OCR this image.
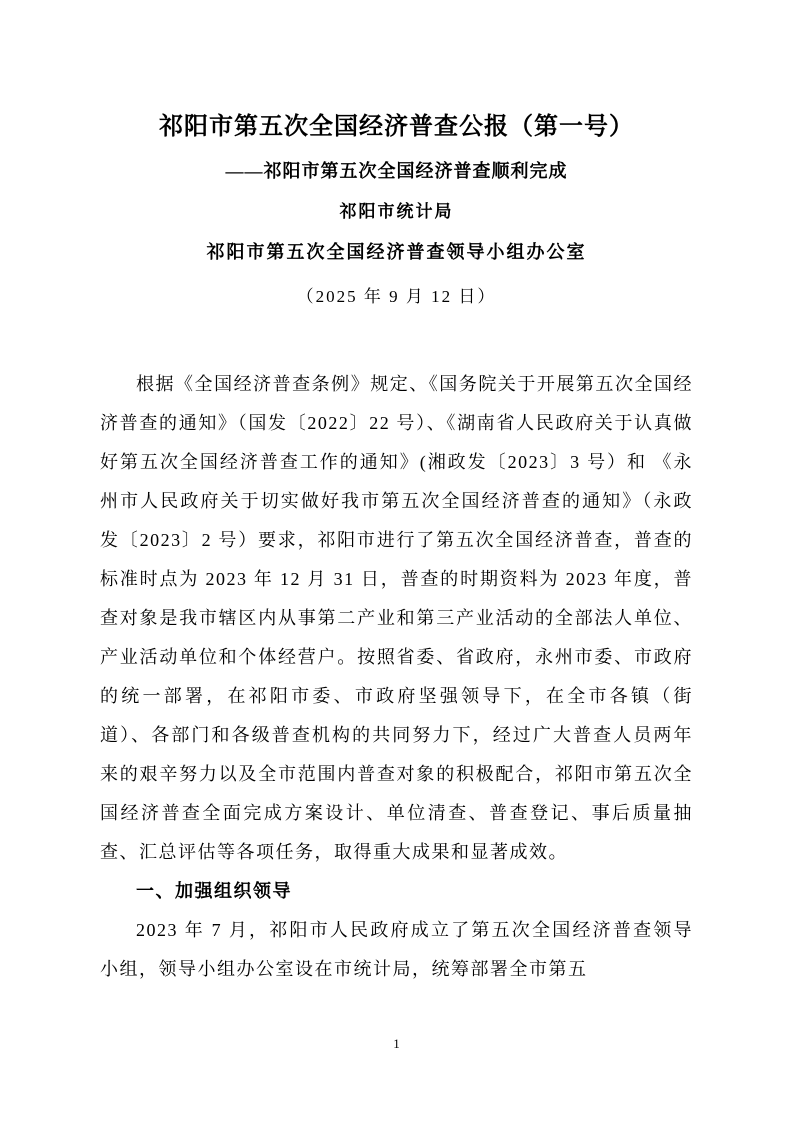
祁阳市第五次全国经济普查公报（第一号）
——祁阳市第五次全国经济普查顺利完成
祁阳市统计局
祁阳市第五次全国经济普查领导小组办公室
（2025 年 9 月 12 日）

根据《全国经济普查条例》规定、《国务院关于开展第五次全国经济普查的通知》（国发〔2022〕22 号）、《湖南省人民政府关于认真做好第五次全国经济普查工作的通知》(湘政发〔2023〕3 号）和 《永州市人民政府关于切实做好我市第五次全国经济普查的通知》（永政发〔2023〕2 号）要求，祁阳市进行了第五次全国经济普查，普查的标准时点为 2023 年 12 月 31 日，普查的时期资料为 2023 年度，普查对象是我市辖区内从事第二产业和第三产业活动的全部法人单位、产业活动单位和个体经营户。按照省委、省政府，永州市委、市政府的统一部署，在祁阳市委、市政府坚强领导下，在全市各镇（街道）、各部门和各级普查机构的共同努力下，经过广大普查人员两年来的艰辛努力以及全市范围内普查对象的积极配合，祁阳市第五次全国经济普查全面完成方案设计、单位清查、普查登记、事后质量抽查、汇总评估等各项任务，取得重大成果和显著成效。

一、加强组织领导

2023 年 7 月，祁阳市人民政府成立了第五次全国经济普查领导小组，领导小组办公室设在市统计局，统筹部署全市第五

1
